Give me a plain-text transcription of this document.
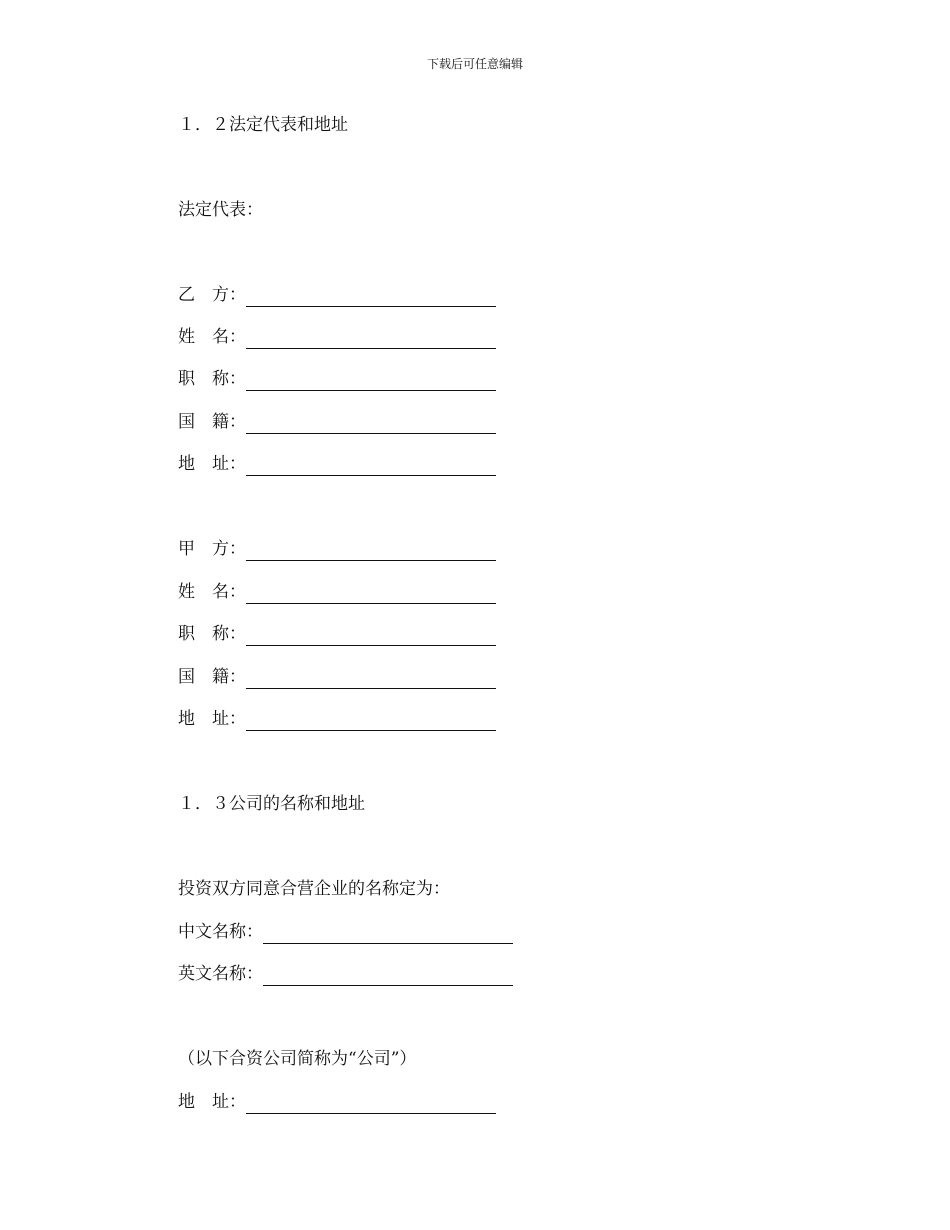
下载后可任意编辑
１．２法定代表和地址
法定代表：
乙　方：
姓　名：
职　称：
国　籍：
地　址：
甲　方：
姓　名：
职　称：
国　籍：
地　址：
１．３公司的名称和地址
投资双方同意合营企业的名称定为：
中文名称：
英文名称：
（以下合资公司简称为“公司”）
地　址：
